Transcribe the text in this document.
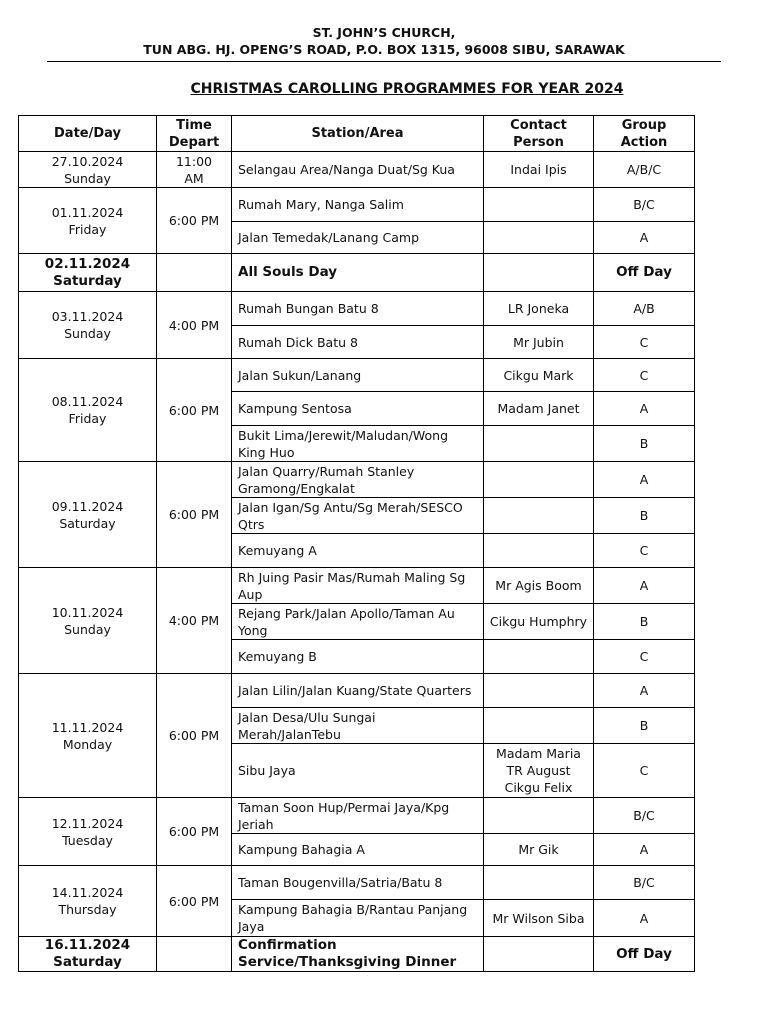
ST. JOHN’S CHURCH,
TUN ABG. HJ. OPENG’S ROAD, P.O. BOX 1315, 96008 SIBU, SARAWAK
CHRISTMAS CAROLLING PROGRAMMES FOR YEAR 2024
Date/Day	Time Depart	Station/Area	Contact Person	Group Action

27.10.2024
Sunday	11:00 AM	Selangau Area/Nanga Duat/Sg Kua	Indai Ipis	A/B/C

01.11.2024
Friday	6:00 PM	Rumah Mary, Nanga Salim		B/C
		Jalan Temedak/Lanang Camp		A

02.11.2024
Saturday		All Souls Day		Off Day

03.11.2024
Sunday	4:00 PM	Rumah Bungan Batu 8	LR Joneka	A/B
		Rumah Dick Batu 8	Mr Jubin	C

08.11.2024
Friday	6:00 PM	Jalan Sukun/Lanang	Cikgu Mark	C
		Kampung Sentosa	Madam Janet	A
		Bukit Lima/Jerewit/Maludan/Wong King Huo		B

09.11.2024
Saturday	6:00 PM	Jalan Quarry/Rumah Stanley Gramong/Engkalat		A
		Jalan Igan/Sg Antu/Sg Merah/SESCO Qtrs		B
		Kemuyang A		C

10.11.2024
Sunday	4:00 PM	Rh Juing Pasir Mas/Rumah Maling Sg Aup	Mr Agis Boom	A
		Rejang Park/Jalan Apollo/Taman Au Yong	Cikgu Humphry	B
		Kemuyang B		C

11.11.2024
Monday	6:00 PM	Jalan Lilin/Jalan Kuang/State Quarters		A
		Jalan Desa/Ulu Sungai Merah/JalanTebu		B
		Sibu Jaya	Madam Maria
TR August
Cikgu Felix	C

12.11.2024
Tuesday	6:00 PM	Taman Soon Hup/Permai Jaya/Kpg Jeriah		B/C
		Kampung Bahagia A	Mr Gik	A

14.11.2024
Thursday	6:00 PM	Taman Bougenvilla/Satria/Batu 8		B/C
		Kampung Bahagia B/Rantau Panjang Jaya	Mr Wilson Siba	A

16.11.2024
Saturday		Confirmation Service/Thanksgiving Dinner		Off Day
